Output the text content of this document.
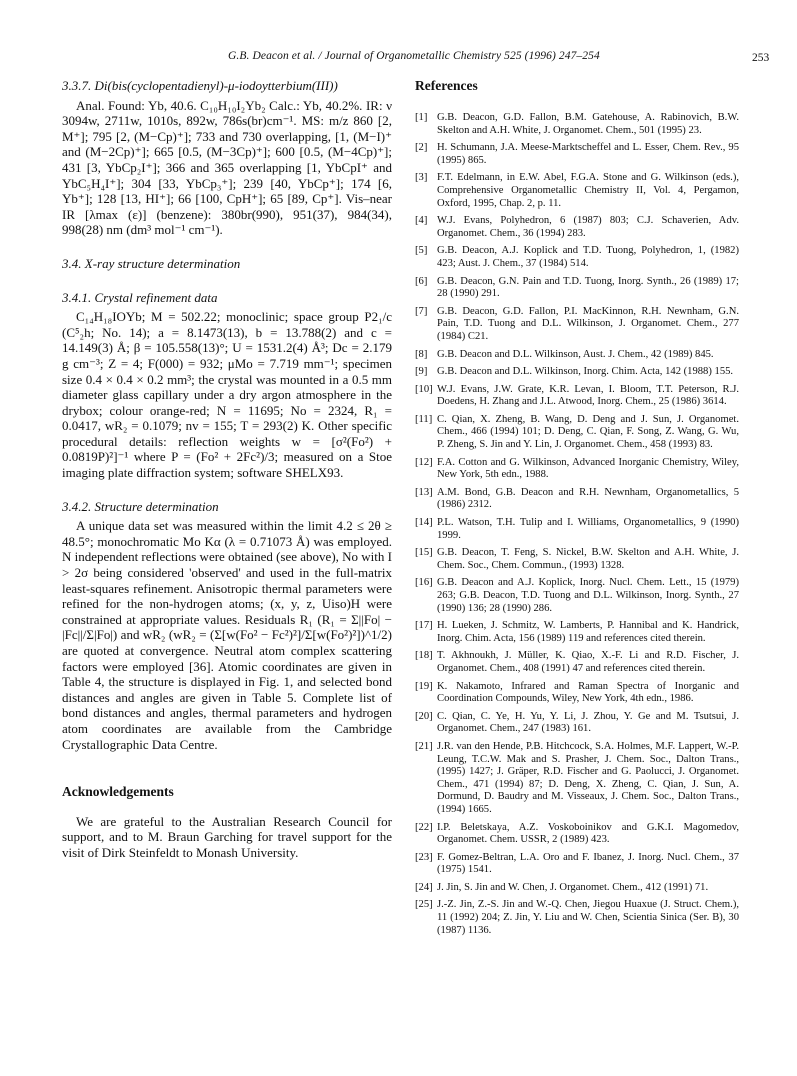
G.B. Deacon et al. / Journal of Organometallic Chemistry 525 (1996) 247–254	253
3.3.7. Di(bis(cyclopentadienyl)-μ-iodoytterbium(III))

Anal. Found: Yb, 40.6. C₁₀H₁₀I₂Yb₂ Calc.: Yb, 40.2%. IR: ν 3094w, 2711w, 1010s, 892w, 786s(br)cm⁻¹. MS: m/z 860 [2, M⁺]; 795 [2, (M−Cp)⁺]; 733 and 730 overlapping, [1, (M−I)⁺ and (M−2Cp)⁺]; 665 [0.5, (M−3Cp)⁺]; 600 [0.5, (M−4Cp)⁺]; 431 [3, YbCp₂I⁺]; 366 and 365 overlapping [1, YbCpI⁺ and YbC₅H₄I⁺]; 304 [33, YbCp₃⁺]; 239 [40, YbCp⁺]; 174 [6, Yb⁺]; 128 [13, HI⁺]; 66 [100, CpH⁺]; 65 [89, Cp⁺]. Vis–near IR [λmax (ε)] (benzene): 380br(990), 951(37), 984(34), 998(28) nm (dm³ mol⁻¹ cm⁻¹).

3.4. X-ray structure determination
3.4.1. Crystal refinement data

C₁₄H₁₈IOYb; M = 502.22; monoclinic; space group P2₁/c (C⁵₂h; No. 14); a = 8.1473(13), b = 13.788(2) and c = 14.149(3) Å; β = 105.558(13)°; U = 1531.2(4) Å³; Dc = 2.179 g cm⁻³; Z = 4; F(000) = 932; μMo = 7.719 mm⁻¹; specimen size 0.4 × 0.4 × 0.2 mm³; the crystal was mounted in a 0.5 mm diameter glass capillary under a dry argon atmosphere in the drybox; colour orange-red; N = 11695; No = 2324, R₁ = 0.0417, wR₂ = 0.1079; nv = 155; T = 293(2) K. Other specific procedural details: reflection weights w = [σ²(Fo²) + 0.0819P)²]⁻¹ where P = (Fo² + 2Fc²)/3; measured on a Stoe imaging plate diffraction system; software SHELX93.

3.4.2. Structure determination

A unique data set was measured within the limit 4.2 ≤ 2θ ≥ 48.5°; monochromatic Mo Kα (λ = 0.71073 Å) was employed. N independent reflections were obtained (see above), No with I > 2σ being considered 'observed' and used in the full-matrix least-squares refinement. Anisotropic thermal parameters were refined for the non-hydrogen atoms; (x, y, z, Uiso)H were constrained at appropriate values. Residuals R₁ (R₁ = Σ||Fo| − |Fc||/Σ|Fo|) and wR₂ (wR₂ = (Σ[w(Fo² − Fc²)²]/Σ[w(Fo²)²])^1/2) are quoted at convergence. Neutral atom complex scattering factors were employed [36]. Atomic coordinates are given in Table 4, the structure is displayed in Fig. 1, and selected bond distances and angles are given in Table 5. Complete list of bond distances and angles, thermal parameters and hydrogen atom coordinates are available from the Cambridge Crystallographic Data Centre.

Acknowledgements

We are grateful to the Australian Research Council for support, and to M. Braun Garching for travel support for the visit of Dirk Steinfeldt to Monash University.

References
[1] G.B. Deacon, G.D. Fallon, B.M. Gatehouse, A. Rabinovich, B.W. Skelton and A.H. White, J. Organomet. Chem., 501 (1995) 23.
[2] H. Schumann, J.A. Meese-Marktscheffel and L. Esser, Chem. Rev., 95 (1995) 865.
[3] F.T. Edelmann, in E.W. Abel, F.G.A. Stone and G. Wilkinson (eds.), Comprehensive Organometallic Chemistry II, Vol. 4, Pergamon, Oxford, 1995, Chap. 2, p. 11.
[4] W.J. Evans, Polyhedron, 6 (1987) 803; C.J. Schaverien, Adv. Organomet. Chem., 36 (1994) 283.
[5] G.B. Deacon, A.J. Koplick and T.D. Tuong, Polyhedron, 1, (1982) 423; Aust. J. Chem., 37 (1984) 514.
[6] G.B. Deacon, G.N. Pain and T.D. Tuong, Inorg. Synth., 26 (1989) 17; 28 (1990) 291.
[7] G.B. Deacon, G.D. Fallon, P.I. MacKinnon, R.H. Newnham, G.N. Pain, T.D. Tuong and D.L. Wilkinson, J. Organomet. Chem., 277 (1984) C21.
[8] G.B. Deacon and D.L. Wilkinson, Aust. J. Chem., 42 (1989) 845.
[9] G.B. Deacon and D.L. Wilkinson, Inorg. Chim. Acta, 142 (1988) 155.
[10] W.J. Evans, J.W. Grate, K.R. Levan, I. Bloom, T.T. Peterson, R.J. Doedens, H. Zhang and J.L. Atwood, Inorg. Chem., 25 (1986) 3614.
[11] C. Qian, X. Zheng, B. Wang, D. Deng and J. Sun, J. Organomet. Chem., 466 (1994) 101; D. Deng, C. Qian, F. Song, Z. Wang, G. Wu, P. Zheng, S. Jin and Y. Lin, J. Organomet. Chem., 458 (1993) 83.
[12] F.A. Cotton and G. Wilkinson, Advanced Inorganic Chemistry, Wiley, New York, 5th edn., 1988.
[13] A.M. Bond, G.B. Deacon and R.H. Newnham, Organometallics, 5 (1986) 2312.
[14] P.L. Watson, T.H. Tulip and I. Williams, Organometallics, 9 (1990) 1999.
[15] G.B. Deacon, T. Feng, S. Nickel, B.W. Skelton and A.H. White, J. Chem. Soc., Chem. Commun., (1993) 1328.
[16] G.B. Deacon and A.J. Koplick, Inorg. Nucl. Chem. Lett., 15 (1979) 263; G.B. Deacon, T.D. Tuong and D.L. Wilkinson, Inorg. Synth., 27 (1990) 136; 28 (1990) 286.
[17] H. Lueken, J. Schmitz, W. Lamberts, P. Hannibal and K. Handrick, Inorg. Chim. Acta, 156 (1989) 119 and references cited therein.
[18] T. Akhnoukh, J. Müller, K. Qiao, X.-F. Li and R.D. Fischer, J. Organomet. Chem., 408 (1991) 47 and references cited therein.
[19] K. Nakamoto, Infrared and Raman Spectra of Inorganic and Coordination Compounds, Wiley, New York, 4th edn., 1986.
[20] C. Qian, C. Ye, H. Yu, Y. Li, J. Zhou, Y. Ge and M. Tsutsui, J. Organomet. Chem., 247 (1983) 161.
[21] J.R. van den Hende, P.B. Hitchcock, S.A. Holmes, M.F. Lappert, W.-P. Leung, T.C.W. Mak and S. Prasher, J. Chem. Soc., Dalton Trans., (1995) 1427; J. Gräper, R.D. Fischer and G. Paolucci, J. Organomet. Chem., 471 (1994) 87; D. Deng, X. Zheng, C. Qian, J. Sun, A. Dormund, D. Baudry and M. Visseaux, J. Chem. Soc., Dalton Trans., (1994) 1665.
[22] I.P. Beletskaya, A.Z. Voskoboinikov and G.K.I. Magomedov, Organomet. Chem. USSR, 2 (1989) 423.
[23] F. Gomez-Beltran, L.A. Oro and F. Ibanez, J. Inorg. Nucl. Chem., 37 (1975) 1541.
[24] J. Jin, S. Jin and W. Chen, J. Organomet. Chem., 412 (1991) 71.
[25] J.-Z. Jin, Z.-S. Jin and W.-Q. Chen, Jiegou Huaxue (J. Struct. Chem.), 11 (1992) 204; Z. Jin, Y. Liu and W. Chen, Scientia Sinica (Ser. B), 30 (1987) 1136.
